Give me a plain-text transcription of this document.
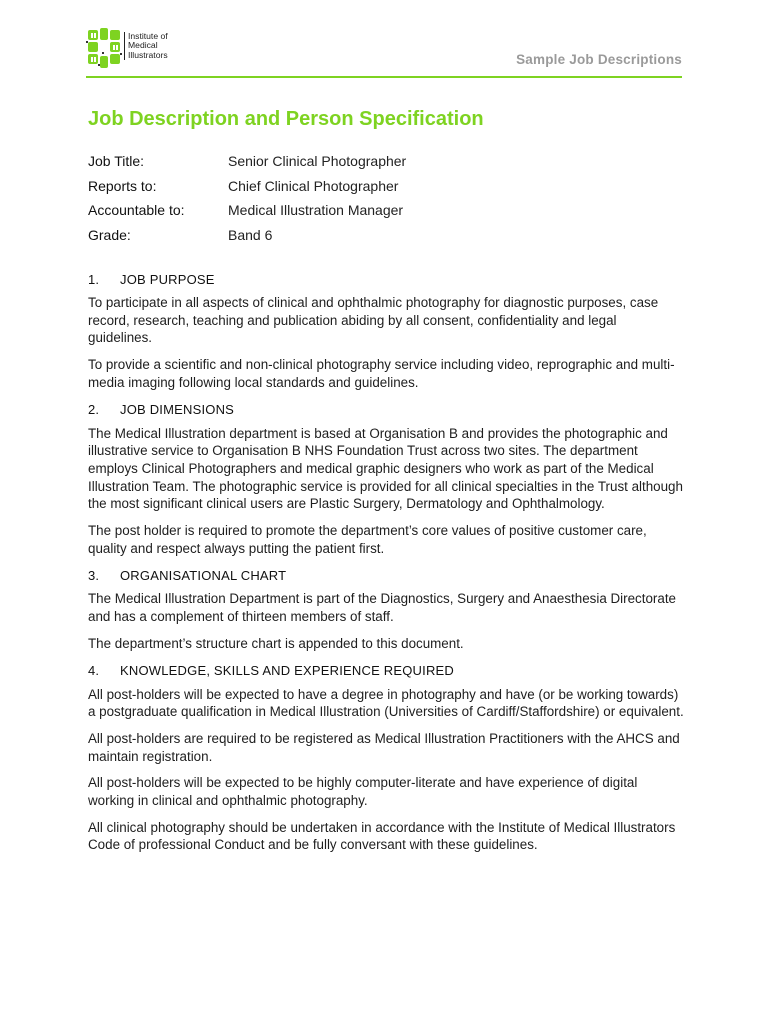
Institute of
Medical
Illustrators	Sample Job Descriptions
Job Description and Person Specification
Job Title:	Senior Clinical Photographer
Reports to:	Chief Clinical Photographer
Accountable to:	Medical Illustration Manager
Grade:	Band 6
1.	JOB PURPOSE

To participate in all aspects of clinical and ophthalmic photography for diagnostic purposes, case record, research, teaching and publication abiding by all consent, confidentiality and legal guidelines.

To provide a scientific and non-clinical photography service including video, reprographic and multi-media imaging following local standards and guidelines.

2.	JOB DIMENSIONS

The Medical Illustration department is based at Organisation B and provides the photographic and illustrative service to Organisation B NHS Foundation Trust across two sites. The department employs Clinical Photographers and medical graphic designers who work as part of the Medical Illustration Team. The photographic service is provided for all clinical specialties in the Trust although the most significant clinical users are Plastic Surgery, Dermatology and Ophthalmology.

The post holder is required to promote the department’s core values of positive customer care, quality and respect always putting the patient first.

3.	ORGANISATIONAL CHART

The Medical Illustration Department is part of the Diagnostics, Surgery and Anaesthesia Directorate and has a complement of thirteen members of staff.

The department’s structure chart is appended to this document.

4.	KNOWLEDGE, SKILLS AND EXPERIENCE REQUIRED

All post-holders will be expected to have a degree in photography and have (or be working towards) a postgraduate qualification in Medical Illustration (Universities of Cardiff/Staffordshire) or equivalent.

All post-holders are required to be registered as Medical Illustration Practitioners with the AHCS and maintain registration.

All post-holders will be expected to be highly computer-literate and have experience of digital working in clinical and ophthalmic photography.

All clinical photography should be undertaken in accordance with the Institute of Medical Illustrators Code of professional Conduct and be fully conversant with these guidelines.
